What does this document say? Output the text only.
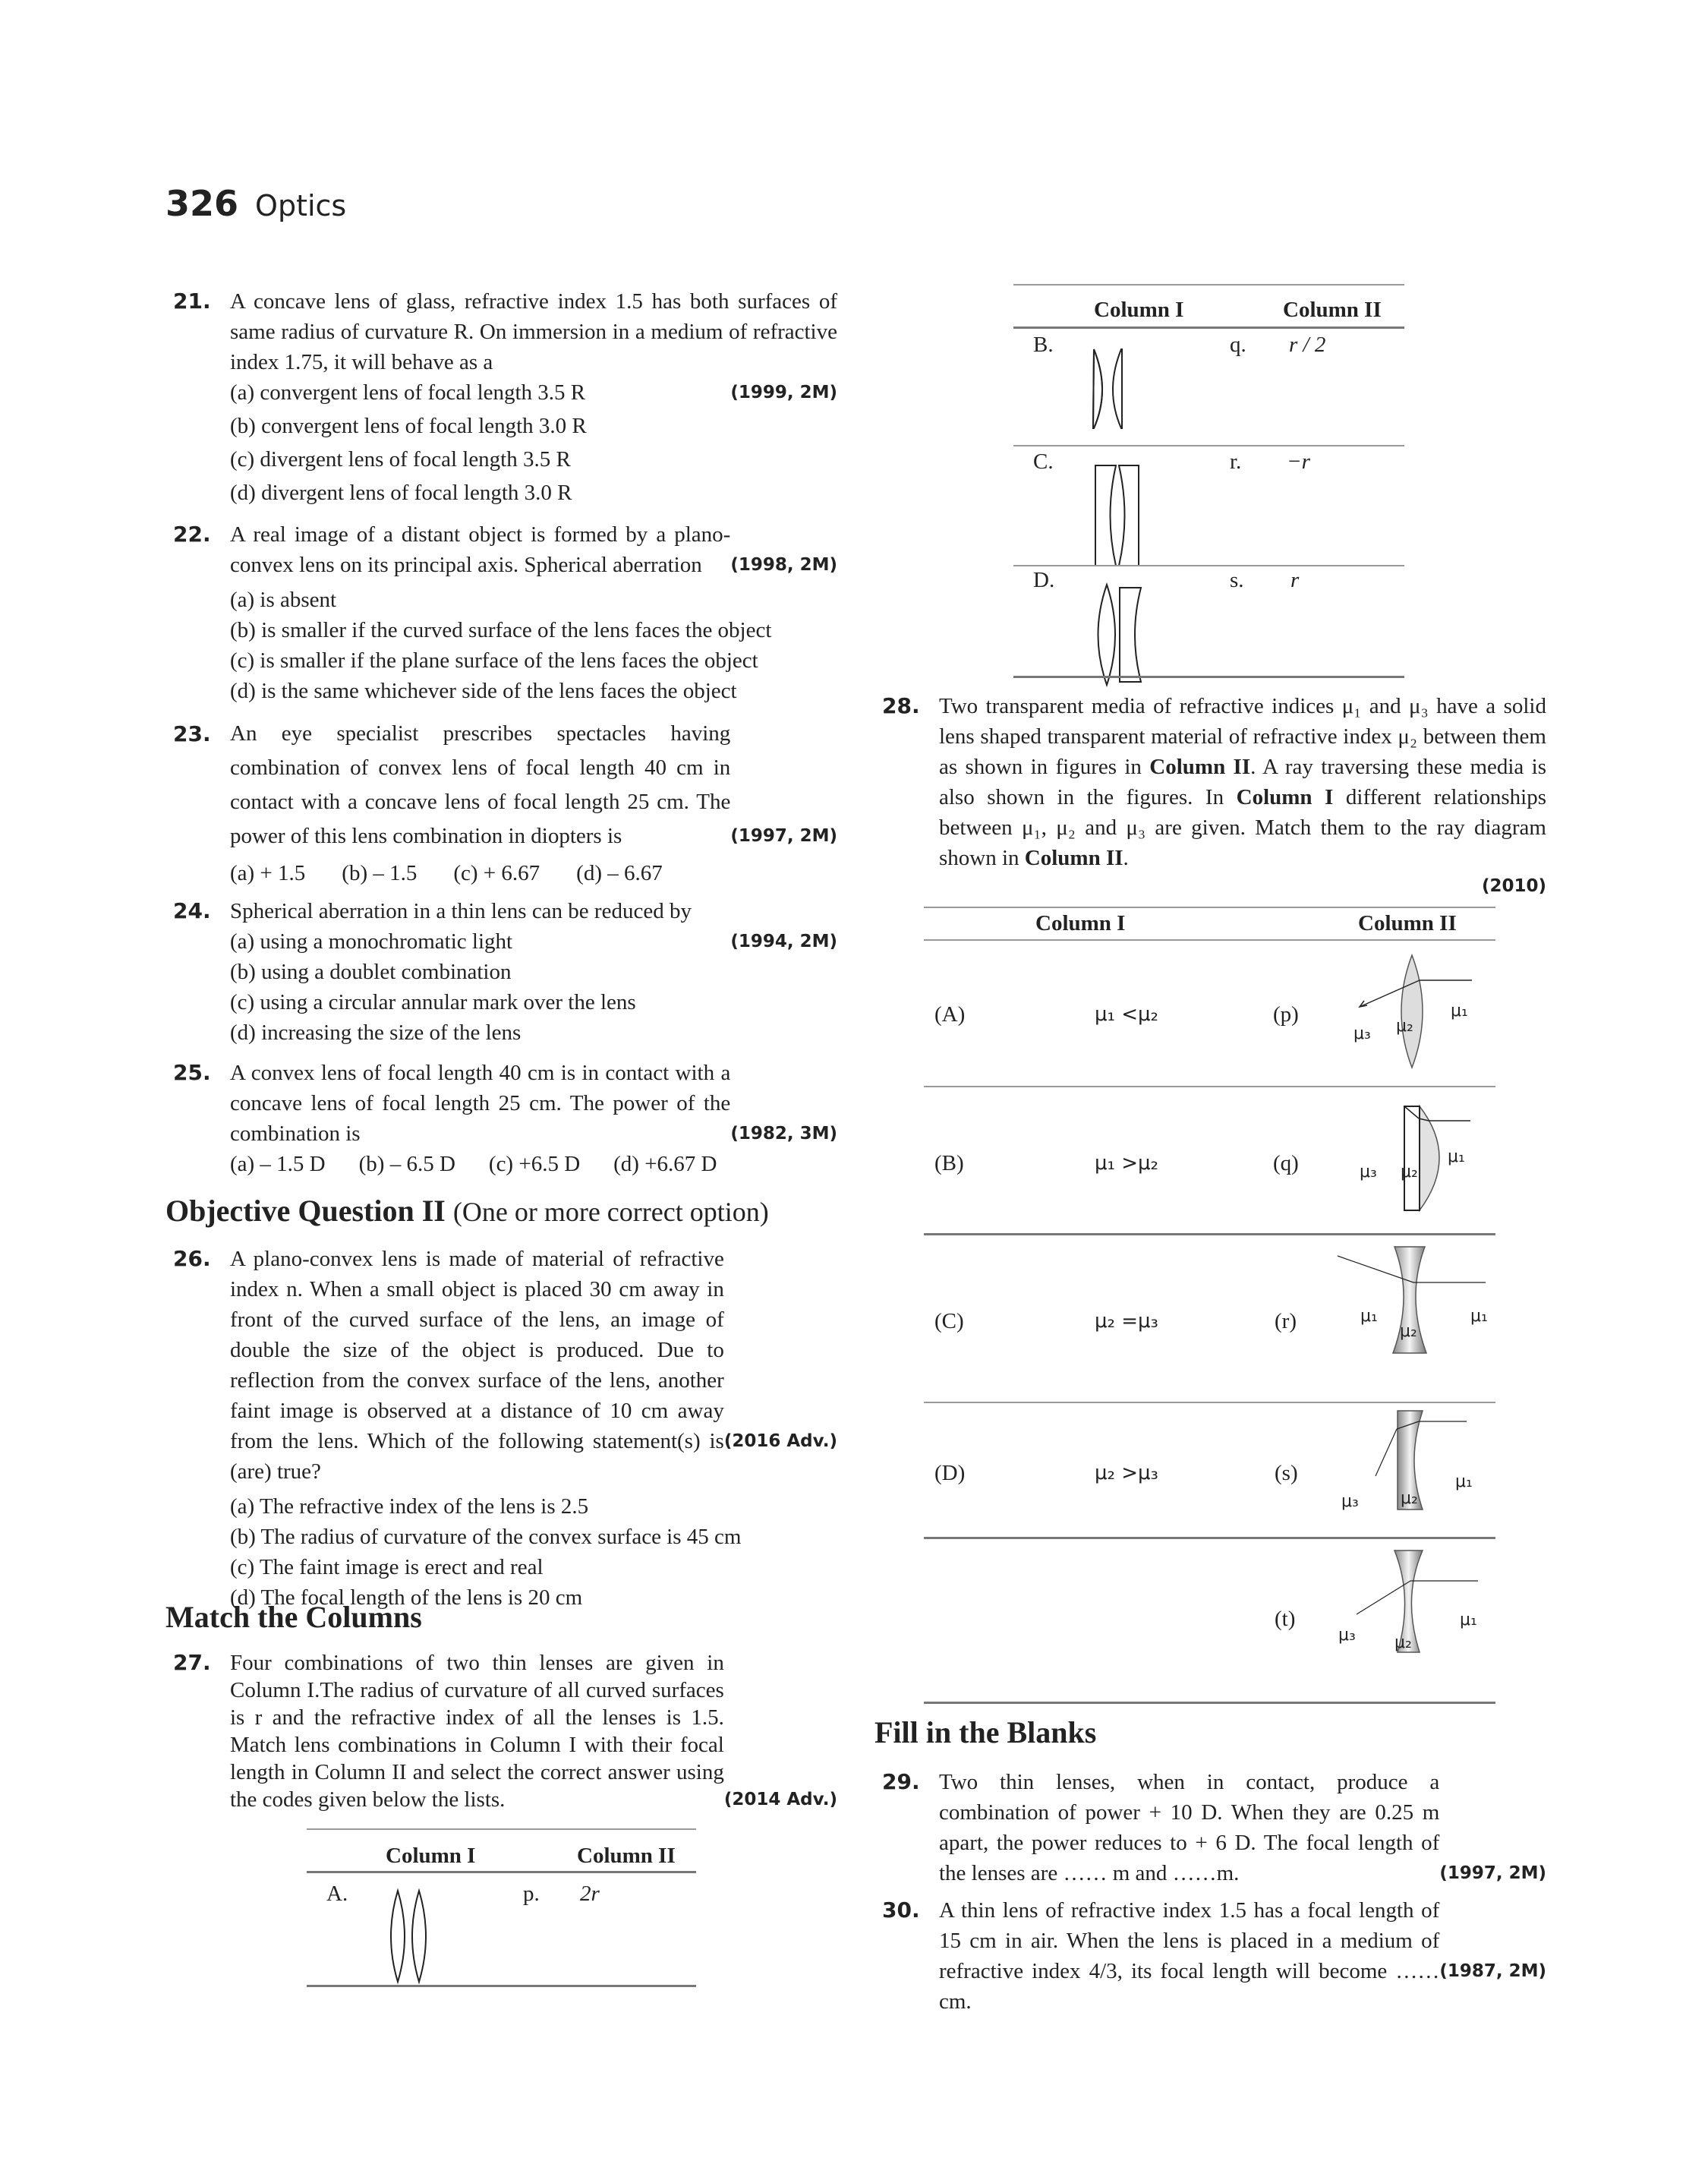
326 Optics
21. A concave lens of glass, refractive index 1.5 has both surfaces of same radius of curvature R. On immersion in a medium of refractive index 1.75, it will behave as a
(1999, 2M)
(a) convergent lens of focal length 3.5 R
(b) convergent lens of focal length 3.0 R
(c) divergent lens of focal length 3.5 R
(d) divergent lens of focal length 3.0 R
22.
(1998, 2M)
A real image of a distant object is formed by a plano-convex lens on its principal axis. Spherical aberration
(a) is absent
(b) is smaller if the curved surface of the lens faces the object
(c) is smaller if the plane surface of the lens faces the object
(d) is the same whichever side of the lens faces the object
23.
(1997, 2M)
An eye specialist prescribes spectacles having combination of convex lens of focal length 40 cm in contact with a concave lens of focal length 25 cm. The power of this lens combination in diopters is
(a) + 1.5 (b) – 1.5 (c) + 6.67 (d) – 6.67
24. Spherical aberration in a thin lens can be reduced by
(1994, 2M)
(a) using a monochromatic light
(b) using a doublet combination
(c) using a circular annular mark over the lens
(d) increasing the size of the lens
25.
(1982, 3M)
A convex lens of focal length 40 cm is in contact with a concave lens of focal length 25 cm. The power of the combination is
(a) – 1.5 D (b) – 6.5 D (c) +6.5 D (d) +6.67 D
Objective Question II (One or more correct option)
26.
(2016 Adv.)
A plano-convex lens is made of material of refractive index n. When a small object is placed 30 cm away in front of the curved surface of the lens, an image of double the size of the object is produced. Due to reflection from the convex surface of the lens, another faint image is observed at a distance of 10 cm away from the lens. Which of the following statement(s) is (are) true?
(a) The refractive index of the lens is 2.5
(b) The radius of curvature of the convex surface is 45 cm
(c) The faint image is erect and real
(d) The focal length of the lens is 20 cm
Match the Columns
27.
(2014 Adv.)
Four combinations of two thin lenses are given in Column I.The radius of curvature of all curved surfaces is r and the refractive index of all the lenses is 1.5. Match lens combinations in Column I with their focal length in Column II and select the correct answer using the codes given below the lists.
Column I	Column II
A.	p. 2r
Column I	Column II
B.	q. r / 2
C.	r. −r
D.	s. r
28. Two transparent media of refractive indices μ₁ and μ₃ have a solid lens shaped transparent material of refractive index μ₂ between them as shown in figures in Column II. A ray traversing these media is also shown in the figures. In Column I different relationships between μ₁, μ₂ and μ₃ are given. Match them to the ray diagram shown in Column II.
(2010)
Column I	Column II
(A)	μ₁ <μ₂	(p)
(B)	μ₁ >μ₂	(q)
(C)	μ₂ =μ₃	(r)
(D)	μ₂ >μ₃	(s)
(t)
μ₁
μ₂
μ₃
μ₁
μ₂
μ₃
μ₁	μ₁
μ₂
μ₁
μ₂
μ₃
μ₁
μ₂
μ₃
Fill in the Blanks
29.
(1997, 2M)
Two thin lenses, when in contact, produce a combination of power + 10 D. When they are 0.25 m apart, the power reduces to + 6 D. The focal length of the lenses are …… m and ……m.
30.
(1987, 2M)
A thin lens of refractive index 1.5 has a focal length of 15 cm in air. When the lens is placed in a medium of refractive index 4/3, its focal length will become …… cm.
